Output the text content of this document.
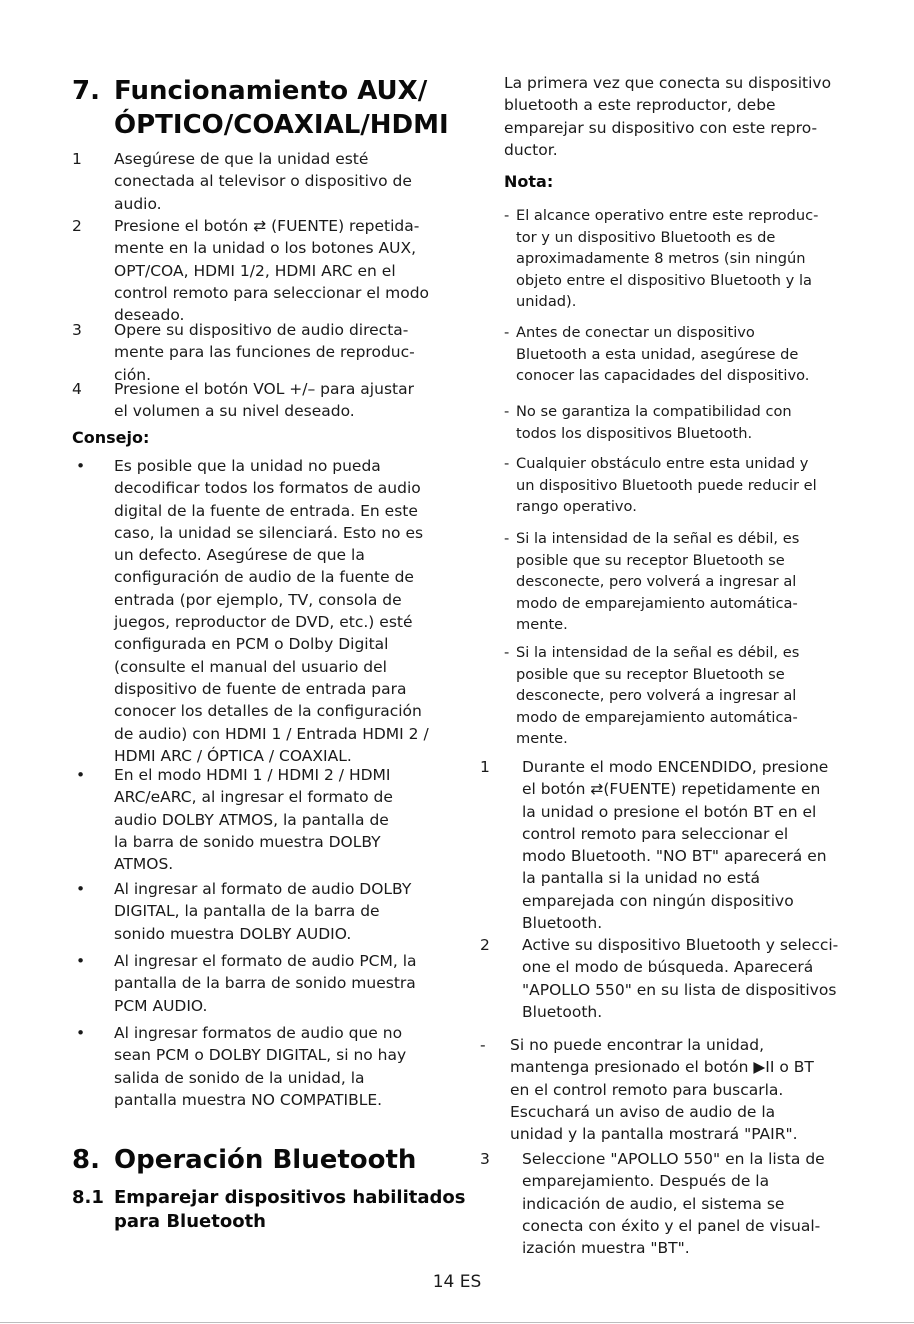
7. Funcionamiento AUX/
ÓPTICO/COAXIAL/HDMI
1 Asegúrese de que la unidad esté
conectada al televisor o dispositivo de
audio.
2 Presione el botón ⇄ (FUENTE) repetida-
mente en la unidad o los botones AUX,
OPT/COA, HDMI 1/2, HDMI ARC en el
control remoto para seleccionar el modo
deseado.
3 Opere su dispositivo de audio directa-
mente para las funciones de reproduc-
ción.
4 Presione el botón VOL +/– para ajustar
el volumen a su nivel deseado.
Consejo:
• Es posible que la unidad no pueda
decodificar todos los formatos de audio
digital de la fuente de entrada. En este
caso, la unidad se silenciará. Esto no es
un defecto. Asegúrese de que la
configuración de audio de la fuente de
entrada (por ejemplo, TV, consola de
juegos, reproductor de DVD, etc.) esté
configurada en PCM o Dolby Digital
(consulte el manual del usuario del
dispositivo de fuente de entrada para
conocer los detalles de la configuración
de audio) con HDMI 1 / Entrada HDMI 2 /
HDMI ARC / ÓPTICA / COAXIAL.
• En el modo HDMI 1 / HDMI 2 / HDMI
ARC/eARC, al ingresar el formato de
audio DOLBY ATMOS, la pantalla de
la barra de sonido muestra DOLBY
ATMOS.
• Al ingresar al formato de audio DOLBY
DIGITAL, la pantalla de la barra de
sonido muestra DOLBY AUDIO.
• Al ingresar el formato de audio PCM, la
pantalla de la barra de sonido muestra
PCM AUDIO.
• Al ingresar formatos de audio que no
sean PCM o DOLBY DIGITAL, si no hay
salida de sonido de la unidad, la
pantalla muestra NO COMPATIBLE.
8. Operación Bluetooth
8.1 Emparejar dispositivos habilitados
para Bluetooth
La primera vez que conecta su dispositivo
bluetooth a este reproductor, debe
emparejar su dispositivo con este repro-
ductor.
Nota:
- El alcance operativo entre este reproduc-
tor y un dispositivo Bluetooth es de
aproximadamente 8 metros (sin ningún
objeto entre el dispositivo Bluetooth y la
unidad).
- Antes de conectar un dispositivo
Bluetooth a esta unidad, asegúrese de
conocer las capacidades del dispositivo.
- No se garantiza la compatibilidad con
todos los dispositivos Bluetooth.
- Cualquier obstáculo entre esta unidad y
un dispositivo Bluetooth puede reducir el
rango operativo.
- Si la intensidad de la señal es débil, es
posible que su receptor Bluetooth se
desconecte, pero volverá a ingresar al
modo de emparejamiento automática-
mente.
- Si la intensidad de la señal es débil, es
posible que su receptor Bluetooth se
desconecte, pero volverá a ingresar al
modo de emparejamiento automática-
mente.
1 Durante el modo ENCENDIDO, presione
el botón ⇄(FUENTE) repetidamente en
la unidad o presione el botón BT en el
control remoto para seleccionar el
modo Bluetooth. "NO BT" aparecerá en
la pantalla si la unidad no está
emparejada con ningún dispositivo
Bluetooth.
2 Active su dispositivo Bluetooth y selecci-
one el modo de búsqueda. Aparecerá
"APOLLO 550" en su lista de dispositivos
Bluetooth.
- Si no puede encontrar la unidad,
mantenga presionado el botón ▶II o BT
en el control remoto para buscarla.
Escuchará un aviso de audio de la
unidad y la pantalla mostrará "PAIR".
3 Seleccione "APOLLO 550" en la lista de
emparejamiento. Después de la
indicación de audio, el sistema se
conecta con éxito y el panel de visual-
ización muestra "BT".
14 ES
